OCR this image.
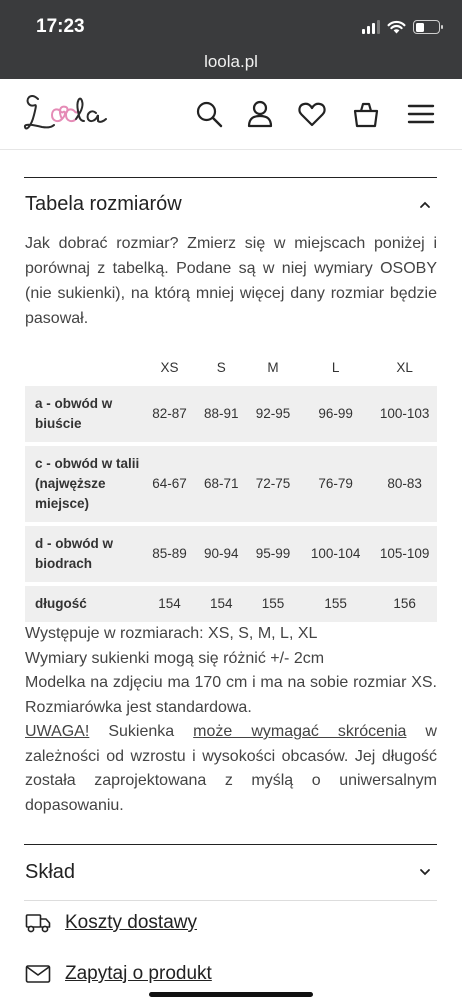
17:23
loola.pl
Tabela rozmiarów

Jak dobrać rozmiar? Zmierz się w miejscach poniżej i porównaj z tabelką. Podane są w niej wymiary OSOBY (nie sukienki), na którą mniej więcej dany rozmiar będzie pasował.

	XS	S	M	L	XL
a - obwód w biuście	82-87	88-91	92-95	96-99	100-103
c - obwód w talii (najwęższe miejsce)	64-67	68-71	72-75	76-79	80-83
d - obwód w biodrach	85-89	90-94	95-99	100-104	105-109
długość	154	154	155	155	156

Występuje w rozmiarach: XS, S, M, L, XL

Wymiary sukienki mogą się różnić +/- 2cm

Modelka na zdjęciu ma 170 cm i ma na sobie rozmiar XS. Rozmiarówka jest standardowa.

UWAGA! Sukienka może wymagać skrócenia w zależności od wzrostu i wysokości obcasów. Jej długość została zaprojektowana z myślą o uniwersalnym dopasowaniu.

Skład
Koszty dostawy
Zapytaj o produkt
